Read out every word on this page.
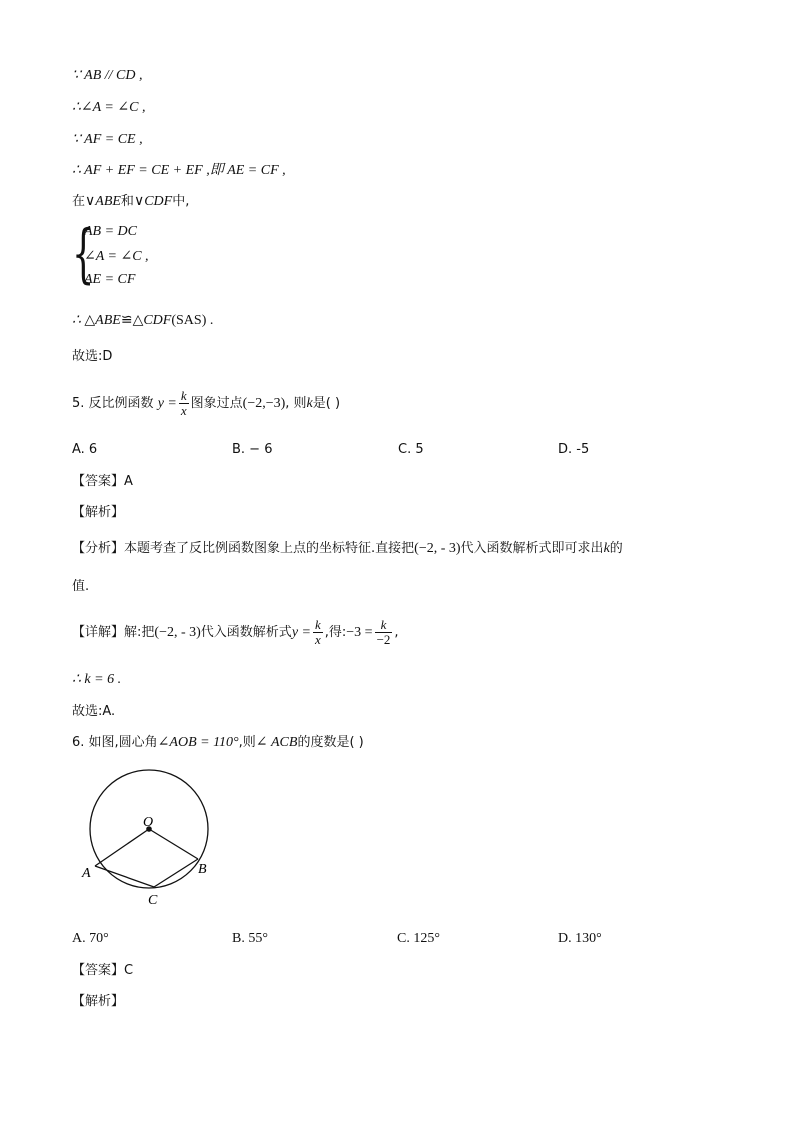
∵ AB // CD ,
∴∠A = ∠C ,
∵ AF = CE ,
∴ AF + EF = CE + EF ,即 AE = CF ,
在∨ABE和∨CDF中,
{
AB = DC
∠A = ∠C ,
AE = CF
∴ △ABE≌△CDF(SAS) .
故选:D
5. 反比例函数 $y = \frac{k}{x}$ 图象过点(−2,−3), 则k是( )
A. 6	B. − 6	C. 5	D. -5
【答案】A
【解析】
【分析】本题考查了反比例函数图象上点的坐标特征.直接把(−2, - 3)代入函数解析式即可求出k的
值.
【详解】解:把(−2, - 3)代入函数解析式$y = \frac{k}{x}$ ,得:−3 = $\frac{k}{-2}$ ,
∴ k = 6 .
故选:A.
6. 如图,圆心角∠AOB = 110°,则∠ ACB的度数是( )
O
A	B
C
A. 70°	B. 55°	C. 125°	D. 130°
【答案】C
【解析】
